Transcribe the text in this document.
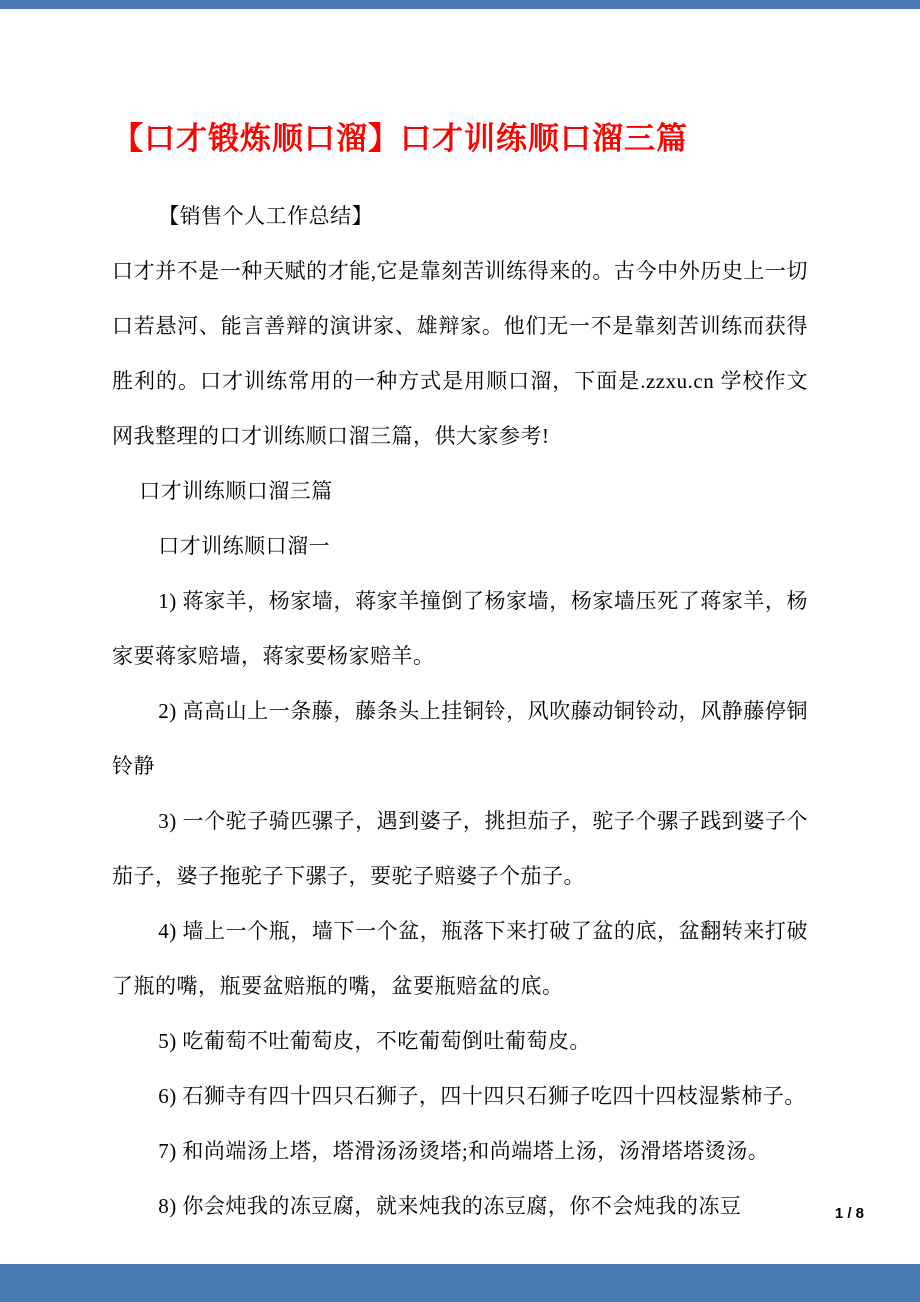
【口才锻炼顺口溜】口才训练顺口溜三篇

【销售个人工作总结】

口才并不是一种天赋的才能,它是靠刻苦训练得来的。古今中外历史上一切口若悬河、能言善辩的演讲家、雄辩家。他们无一不是靠刻苦训练而获得胜利的。口才训练常用的一种方式是用顺口溜，下面是.zzxu.cn 学校作文网我整理的口才训练顺口溜三篇，供大家参考!

口才训练顺口溜三篇

口才训练顺口溜一

1) 蒋家羊，杨家墙，蒋家羊撞倒了杨家墙，杨家墙压死了蒋家羊，杨家要蒋家赔墙，蒋家要杨家赔羊。

2) 高高山上一条藤，藤条头上挂铜铃，风吹藤动铜铃动，风静藤停铜铃静

3) 一个驼子骑匹骡子，遇到婆子，挑担茄子，驼子个骡子践到婆子个茄子，婆子拖驼子下骡子，要驼子赔婆子个茄子。

4) 墙上一个瓶，墙下一个盆，瓶落下来打破了盆的底，盆翻转来打破了瓶的嘴，瓶要盆赔瓶的嘴，盆要瓶赔盆的底。

5) 吃葡萄不吐葡萄皮，不吃葡萄倒吐葡萄皮。

6) 石狮寺有四十四只石狮子，四十四只石狮子吃四十四枝湿紫柿子。

7) 和尚端汤上塔，塔滑汤汤烫塔;和尚端塔上汤，汤滑塔塔烫汤。

8) 你会炖我的冻豆腐，就来炖我的冻豆腐，你不会炖我的冻豆	1 / 8
